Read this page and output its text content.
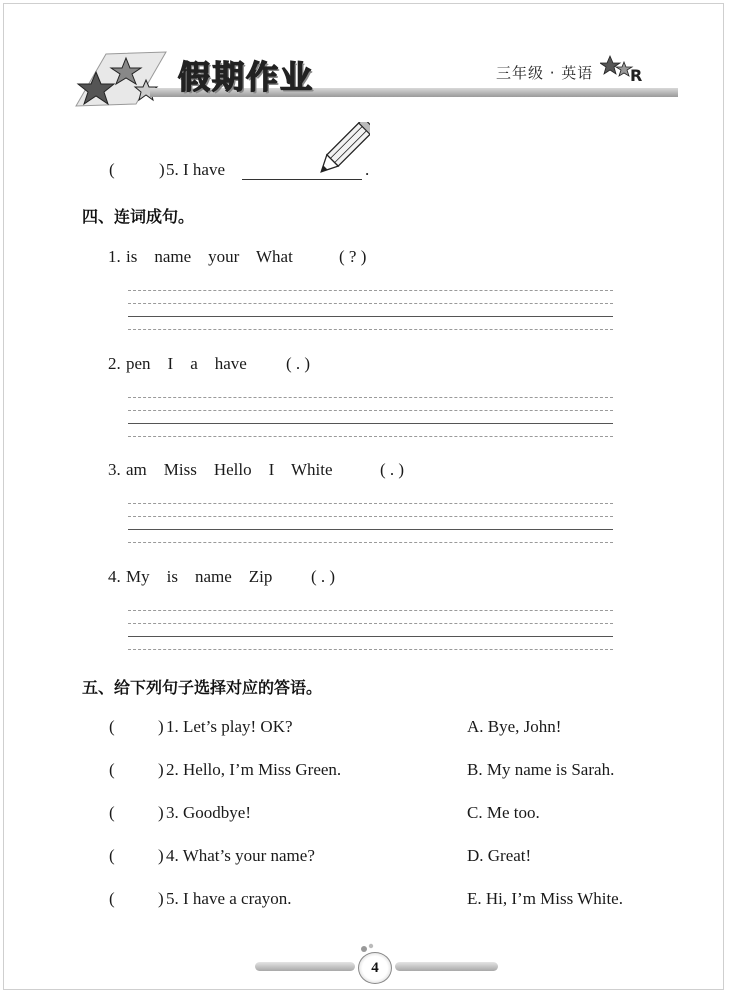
假期作业	三年级 · 英语 R
(	) 5. I have	.
四、连词成句。
1. is    name    your    What	( ? )
2. pen    I    a    have ( . )
3. am    Miss    Hello    I    White	( . )
4. My    is    name    Zip ( . )
五、给下列句子选择对应的答语。
(	) 1. Let’s play! OK?	A. Bye, John!
(	) 2. Hello, I’m Miss Green.	B. My name is Sarah.
(	) 3. Goodbye!	C. Me too.
(	) 4. What’s your name?	D. Great!
(	) 5. I have a crayon.	E. Hi, I’m Miss White.
4
